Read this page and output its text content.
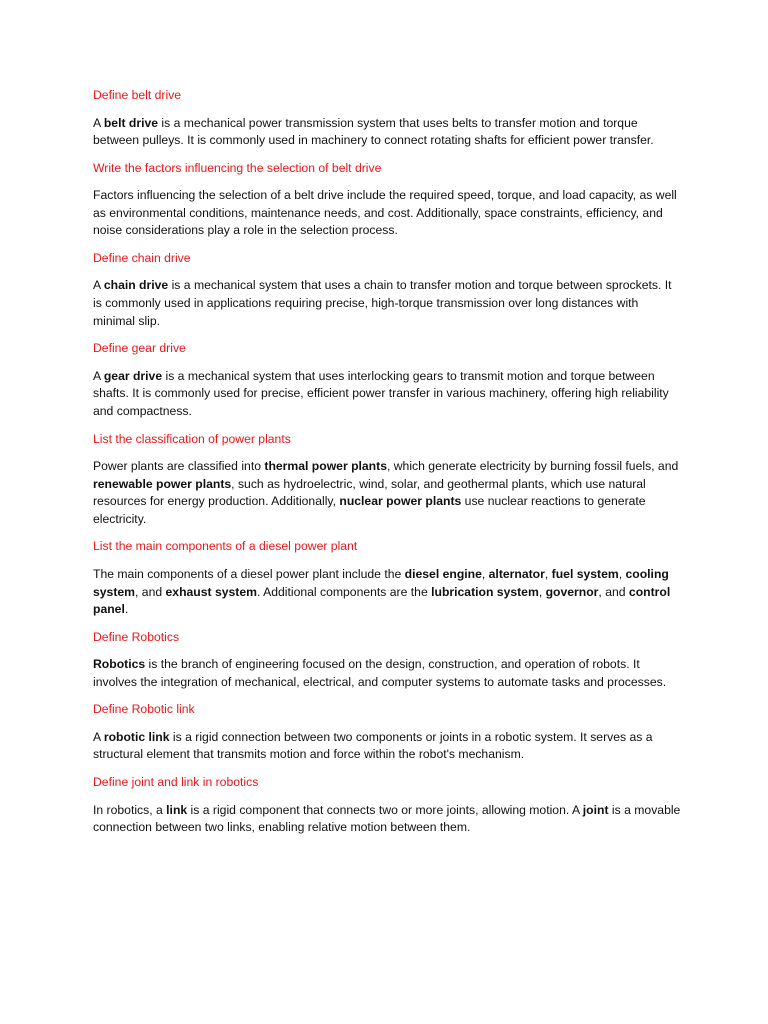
Define belt drive

A belt drive is a mechanical power transmission system that uses belts to transfer motion and torque between pulleys. It is commonly used in machinery to connect rotating shafts for efficient power transfer.

Write the factors influencing the selection of belt drive

Factors influencing the selection of a belt drive include the required speed, torque, and load capacity, as well as environmental conditions, maintenance needs, and cost. Additionally, space constraints, efficiency, and noise considerations play a role in the selection process.

Define chain drive

A chain drive is a mechanical system that uses a chain to transfer motion and torque between sprockets. It is commonly used in applications requiring precise, high-torque transmission over long distances with minimal slip.

Define gear drive

A gear drive is a mechanical system that uses interlocking gears to transmit motion and torque between shafts. It is commonly used for precise, efficient power transfer in various machinery, offering high reliability and compactness.

List the classification of power plants

Power plants are classified into thermal power plants, which generate electricity by burning fossil fuels, and renewable power plants, such as hydroelectric, wind, solar, and geothermal plants, which use natural resources for energy production. Additionally, nuclear power plants use nuclear reactions to generate electricity.

List the main components of a diesel power plant

The main components of a diesel power plant include the diesel engine, alternator, fuel system, cooling system, and exhaust system. Additional components are the lubrication system, governor, and control panel.

Define Robotics

Robotics is the branch of engineering focused on the design, construction, and operation of robots. It involves the integration of mechanical, electrical, and computer systems to automate tasks and processes.

Define Robotic link

A robotic link is a rigid connection between two components or joints in a robotic system. It serves as a structural element that transmits motion and force within the robot's mechanism.

Define joint and link in robotics

In robotics, a link is a rigid component that connects two or more joints, allowing motion. A joint is a movable connection between two links, enabling relative motion between them.
